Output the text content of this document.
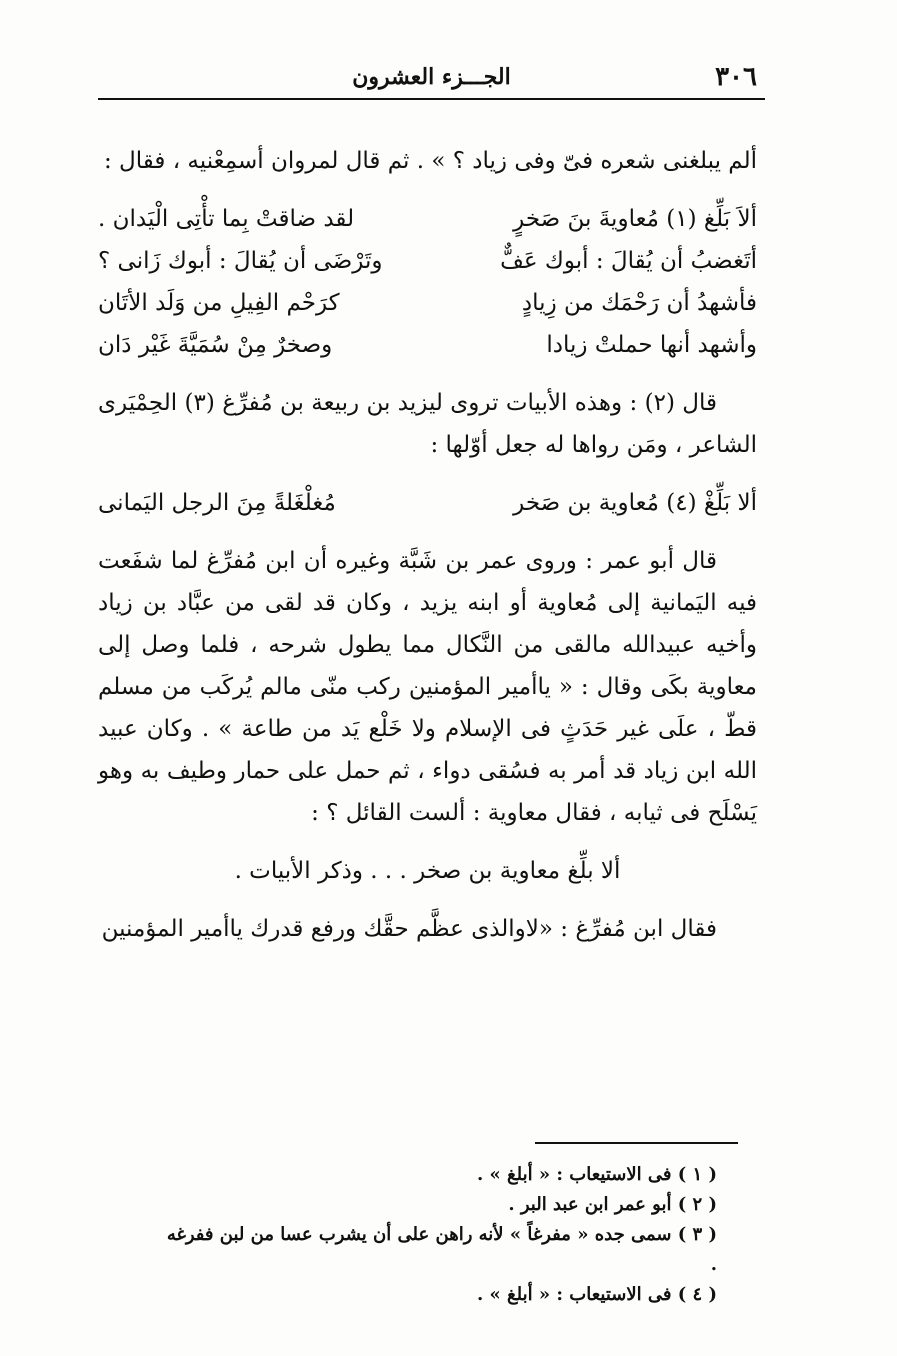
٣٠٦
الجـــزء العشرون

ألم يبلغنى شعره فىّ وفى زياد ؟ » . ثم قال لمروان أسمِعْنيه ، فقال :

ألاَ بَلِّغ (١) مُعاويةَ بنَ صَخرٍ
لقد ضاقتْ بِما تأْتِى الْيَدان .

أتَغضبُ أن يُقالَ : أبوك عَفٌّ
وتَرْضَى أن يُقالَ : أبوك زَانى ؟

فأشهدُ أن رَحْمَك من زِيادٍ
كرَحْم الفِيلِ من وَلَد الأتَان

وأشهد أنها حملتْ زيادا
وصخرٌ مِنْ سُمَيَّةَ غَيْر دَان

قال (٢) : وهذه الأبيات تروى ليزيد بن ربيعة بن مُفرِّغ (٣) الحِمْيَرى الشاعر ، ومَن رواها له جعل أوّلها :

ألا بَلِّغْ (٤) مُعاوية بن صَخر
مُغلْغَلةً مِنَ الرجل اليَمانى

قال أبو عمر : وروى عمر بن شَبَّة وغيره أن ابن مُفرِّغ لما شفَعت فيه اليَمانية إلى مُعاوية أو ابنه يزيد ، وكان قد لقى من عبَّاد بن زياد وأخيه عبيدالله مالقى من النَّكال مما يطول شرحه ، فلما وصل إلى معاوية بكَى وقال : « ياأمير المؤمنين ركب منّى مالم يُركَب من مسلم قطّ ، علَى غير حَدَثٍ فى الإسلام ولا خَلْع يَد من طاعة » . وكان عبيد الله ابن زياد قد أمر به فسُقى دواء ، ثم حمل على حمار وطيف به وهو يَسْلَح فى ثيابه ، فقال معاوية : ألست القائل ؟ :

ألا بلِّغ معاوية بن صخر . . . وذكر الأبيات .

فقال ابن مُفرِّغ : «لاوالذى عظَّم حقَّك ورفع قدرك ياأمير المؤمنين

( ١ ) فى الاستيعاب : « أبلغ » .

( ٢ ) أبو عمر ابن عبد البر .

( ٣ ) سمى جده « مفرغاً » لأنه راهن على أن يشرب عسا من لبن ففرغه .

( ٤ ) فى الاستيعاب : « أبلغ » .
